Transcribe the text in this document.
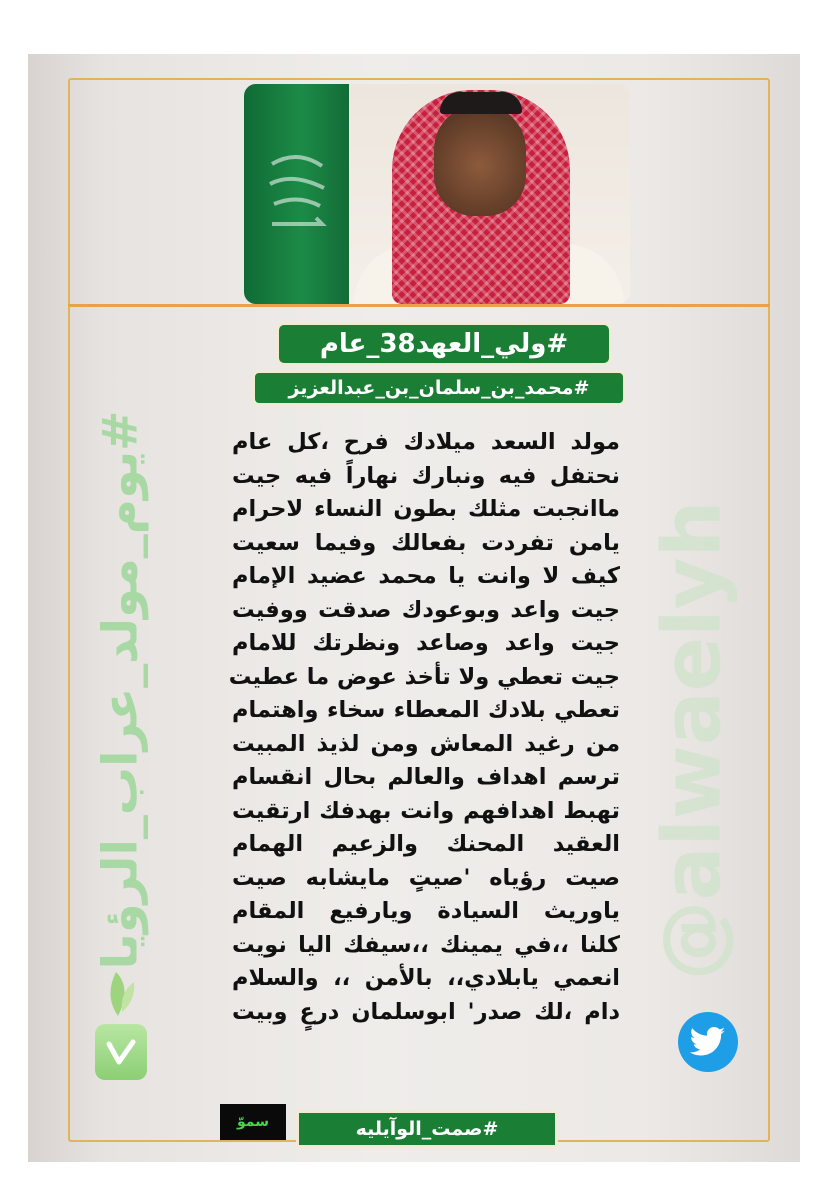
#ولي_العهد38_عام
#محمد_بن_سلمان_بن_عبدالعزيز
مولد السعد ميلادك فرح ،كل عام
نحتفل فيه ونبارك نهاراً فيه جيت
ماانجبت مثلك بطون النساء لاحرام
يامن تفردت بفعالك وفيما سعيت
كيف لا وانت يا محمد عضيد الإمام
جيت واعد وبوعودك صدقت ووفيت
جيت واعد وصاعد ونظرتك للامام
جيت تعطي ولا تأخذ عوض ما عطيت
تعطي بلادك المعطاء سخاء واهتمام
من رغيد المعاش ومن لذيذ المبيت
ترسم اهداف والعالم بحال انقسام
تهبط اهدافهم وانت بهدفك ارتقيت
العقيد المحنك والزعيم الهمام
صيت رؤياه 'صيتٍ مايشابه صيت
ياوريث السيادة ويارفيع المقام
كلنا ،،في يمينك ،،سيفك اليا نويت
انعمي يابلادي،، بالأمن ،، والسلام
دام ،لك صدر' ابوسلمان درعٍ وبيت
@alwaelyh
#يوم_مولد_عراب_الرؤيا
#صمت_الوآيليه
سموّ
